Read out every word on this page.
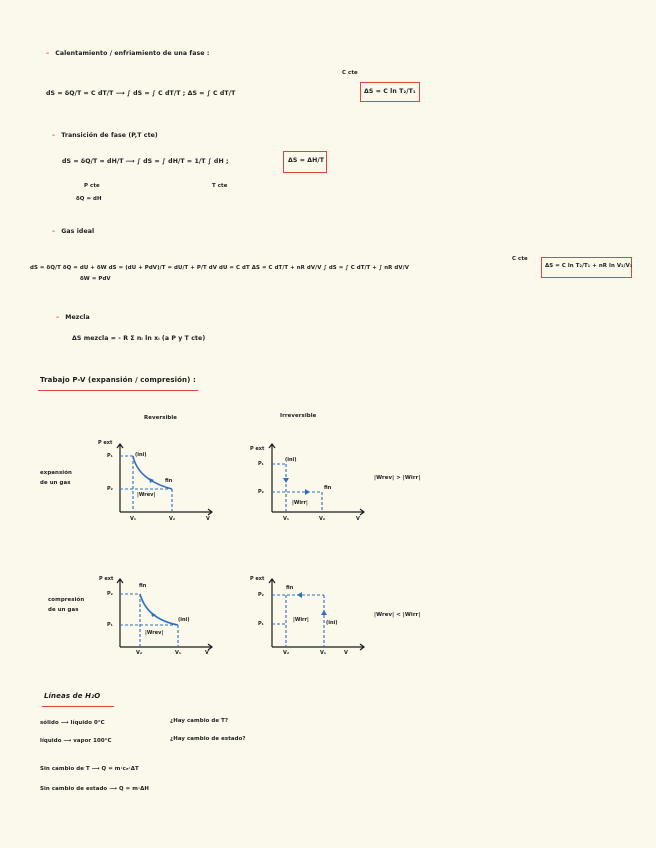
– Calentamiento / enfriamiento de una fase :
C cte
dS = δQ/T = C dT/T ⟶ ∫ dS = ∫ C dT/T ; ΔS = ∫ C dT/T	ΔS = C ln T₂/T₁
– Transición de fase (P,T cte)
dS = δQ/T = dH/T ⟶ ∫ dS = ∫ dH/T = 1/T ∫ dH ;
P cte
δQ = dH
T cte
ΔS = ΔH/T
– Gas ideal
dS = δQ/T δQ = dU + δW dS = (dU + PdV)/T = dU/T + P/T dV dU = C dT ΔS = C dT/T + nR dV/V ∫ dS = ∫ C dT/T + ∫ nR dV/V
δW = PdV
C cte
ΔS = C ln T₂/T₁ + nR ln V₂/V₁
– Mezcla
ΔS mezcla = - R Σ nᵢ ln xᵢ (a P y T cte)
Trabajo P-V (expansión / compresión) :
Reversible	Irreversible
expansión
de un gas
compresión
de un gas
|Wrev| > |Wirr|
|Wrev| < |Wirr|
P ext
P₁
P₂
(ini)
fin
V₁	V₂	V
|Wrev|
P ext
P₁
P₂
(ini)
fin
V₁	V₂	V
|Wirr|
P ext
P₂
P₁
fin
(ini)
V₂	V₁	V
|Wrev|
P ext
P₂
P₁
fin
(ini)
V₂	V₁	V
|Wirr|
Líneas de H₂O
sólido ⟶ líquido 0°C	¿Hay cambio de T?
líquido ⟶ vapor 100°C	¿Hay cambio de estado?
Sin cambio de T ⟶ Q = m·cₑ·ΔT
Sin cambio de estado ⟶ Q = m·ΔH
